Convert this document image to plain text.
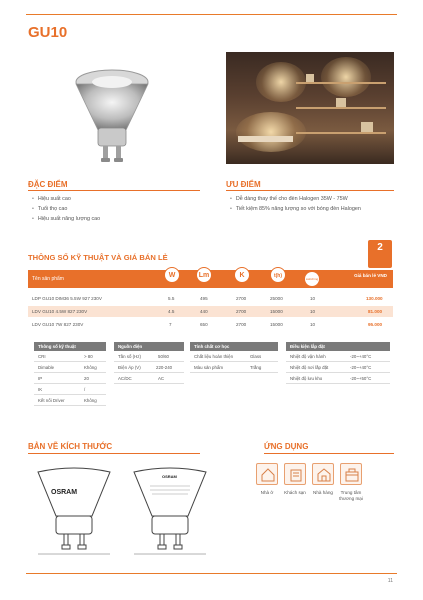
GU10
ĐẶC ĐIỂM
• Hiệu suất cao
• Tuổi thọ cao
• Hiệu suất năng lượng cao
ƯU ĐIỂM
• Dễ dàng thay thế cho đèn Halogen 35W - 75W
• Tiết kiệm 85% năng lượng so với bóng đèn Halogen
THÔNG SỐ KỸ THUẬT VÀ GIÁ BÁN LẺ
2
Tên sản phẩm	W	Lm	K	t(h)	switching
Giá bán lẻ VND
LDP GU10 DIM36 5.5W 927 230V	5.5	495	2700	25000	10	130.000
LDV GU10 4.5W 827 230V	4.5	440	2700	15000	10	81.000
LDV GU10 7W 827 230V	7	650	2700	15000	10	95.000
Thông số kỹ thuật
CRI	> 80
Dimable	Không
IP	20
IK	/
Kết nối Driver	Không
Nguồn điện
Tần số (Hz)	50/60
Điện Áp (V)	220-240
AC/DC	AC
Tính chất cơ học
Chất liệu hoàn thiện	Glass
Màu sản phẩm	Trắng
Điều kiện lắp đặt
Nhiệt độ vận hành	-20~+40°C
Nhiệt độ nơi lắp đặt	-20~+40°C
Nhiệt độ lưu kho	-20~+50°C
BẢN VẼ KÍCH THƯỚC
OSRAM
OSRAM
ỨNG DỤNG
Nhà ở	Khách sạn	Nhà hàng	Trung tâm thương mại
11
